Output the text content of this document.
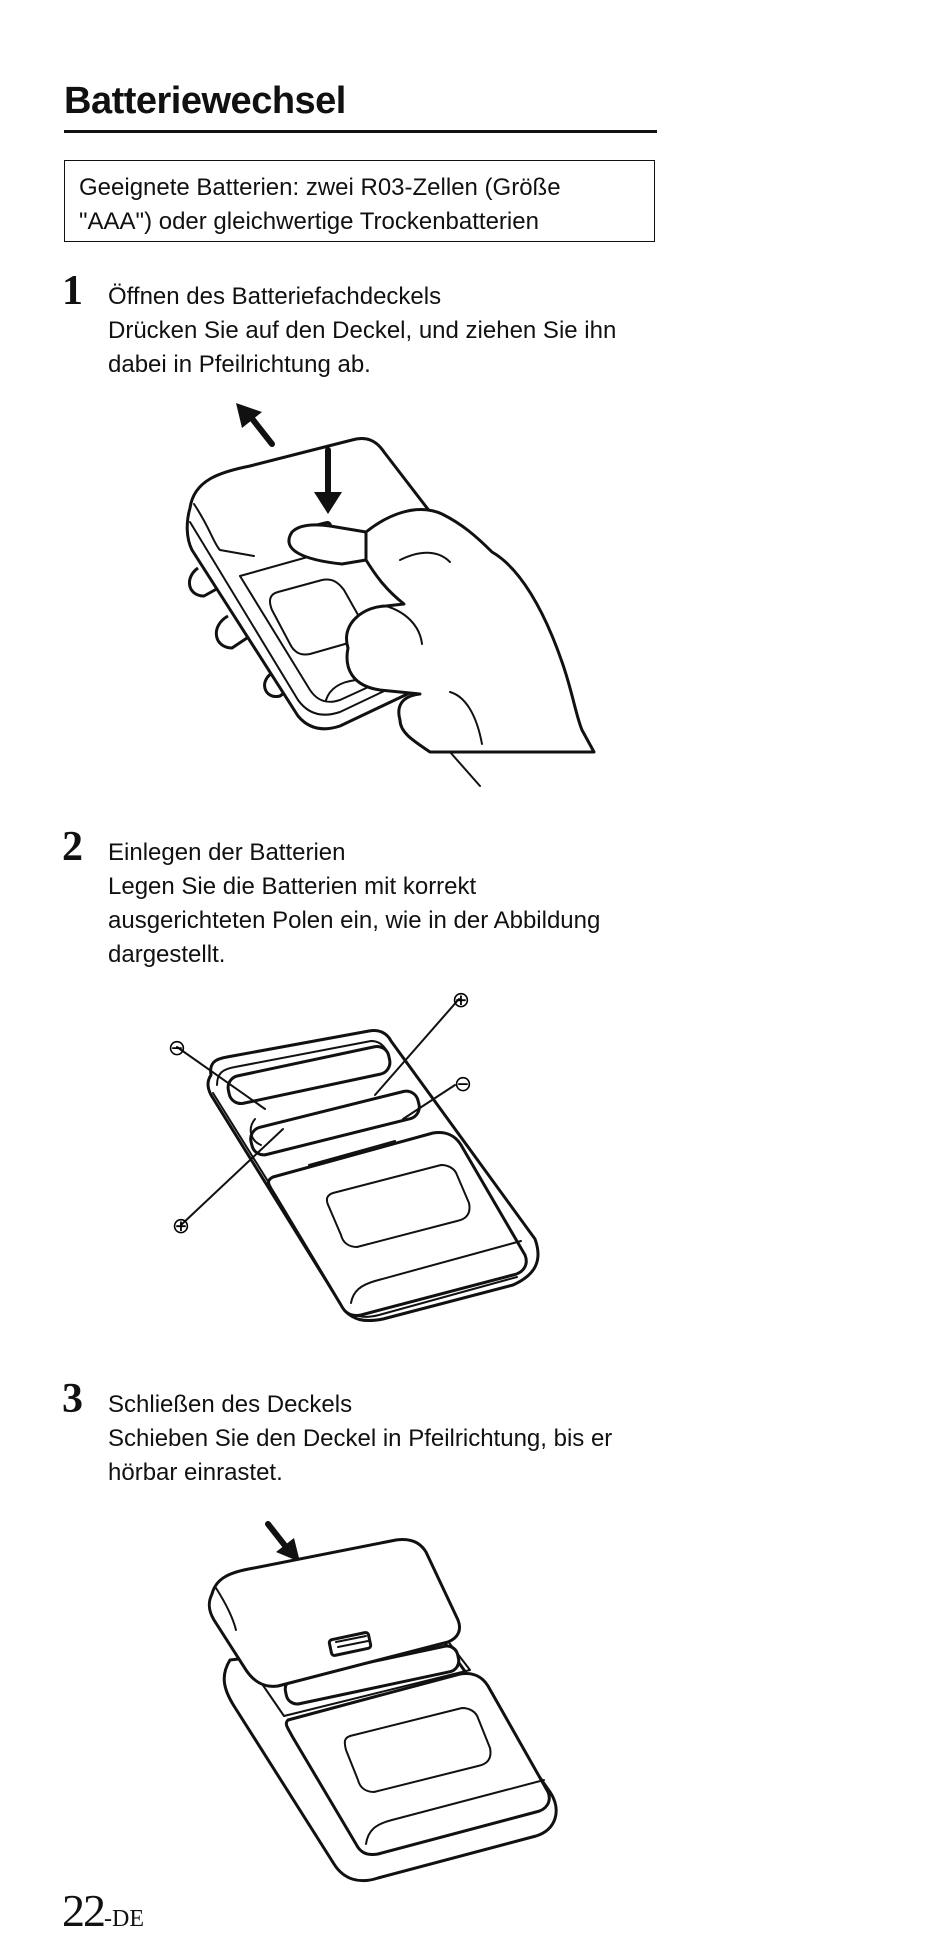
Batteriewechsel
Geeignete Batterien: zwei R03-Zellen (Größe
"AAA") oder gleichwertige Trockenbatterien
1 Öffnen des Batteriefachdeckels
Drücken Sie auf den Deckel, und ziehen Sie ihn
dabei in Pfeilrichtung ab.
2 Einlegen der Batterien
Legen Sie die Batterien mit korrekt
ausgerichteten Polen ein, wie in der Abbildung
dargestellt.
⊖
⊕
⊕
⊖
3 Schließen des Deckels
Schieben Sie den Deckel in Pfeilrichtung, bis er
hörbar einrastet.
22-DE
